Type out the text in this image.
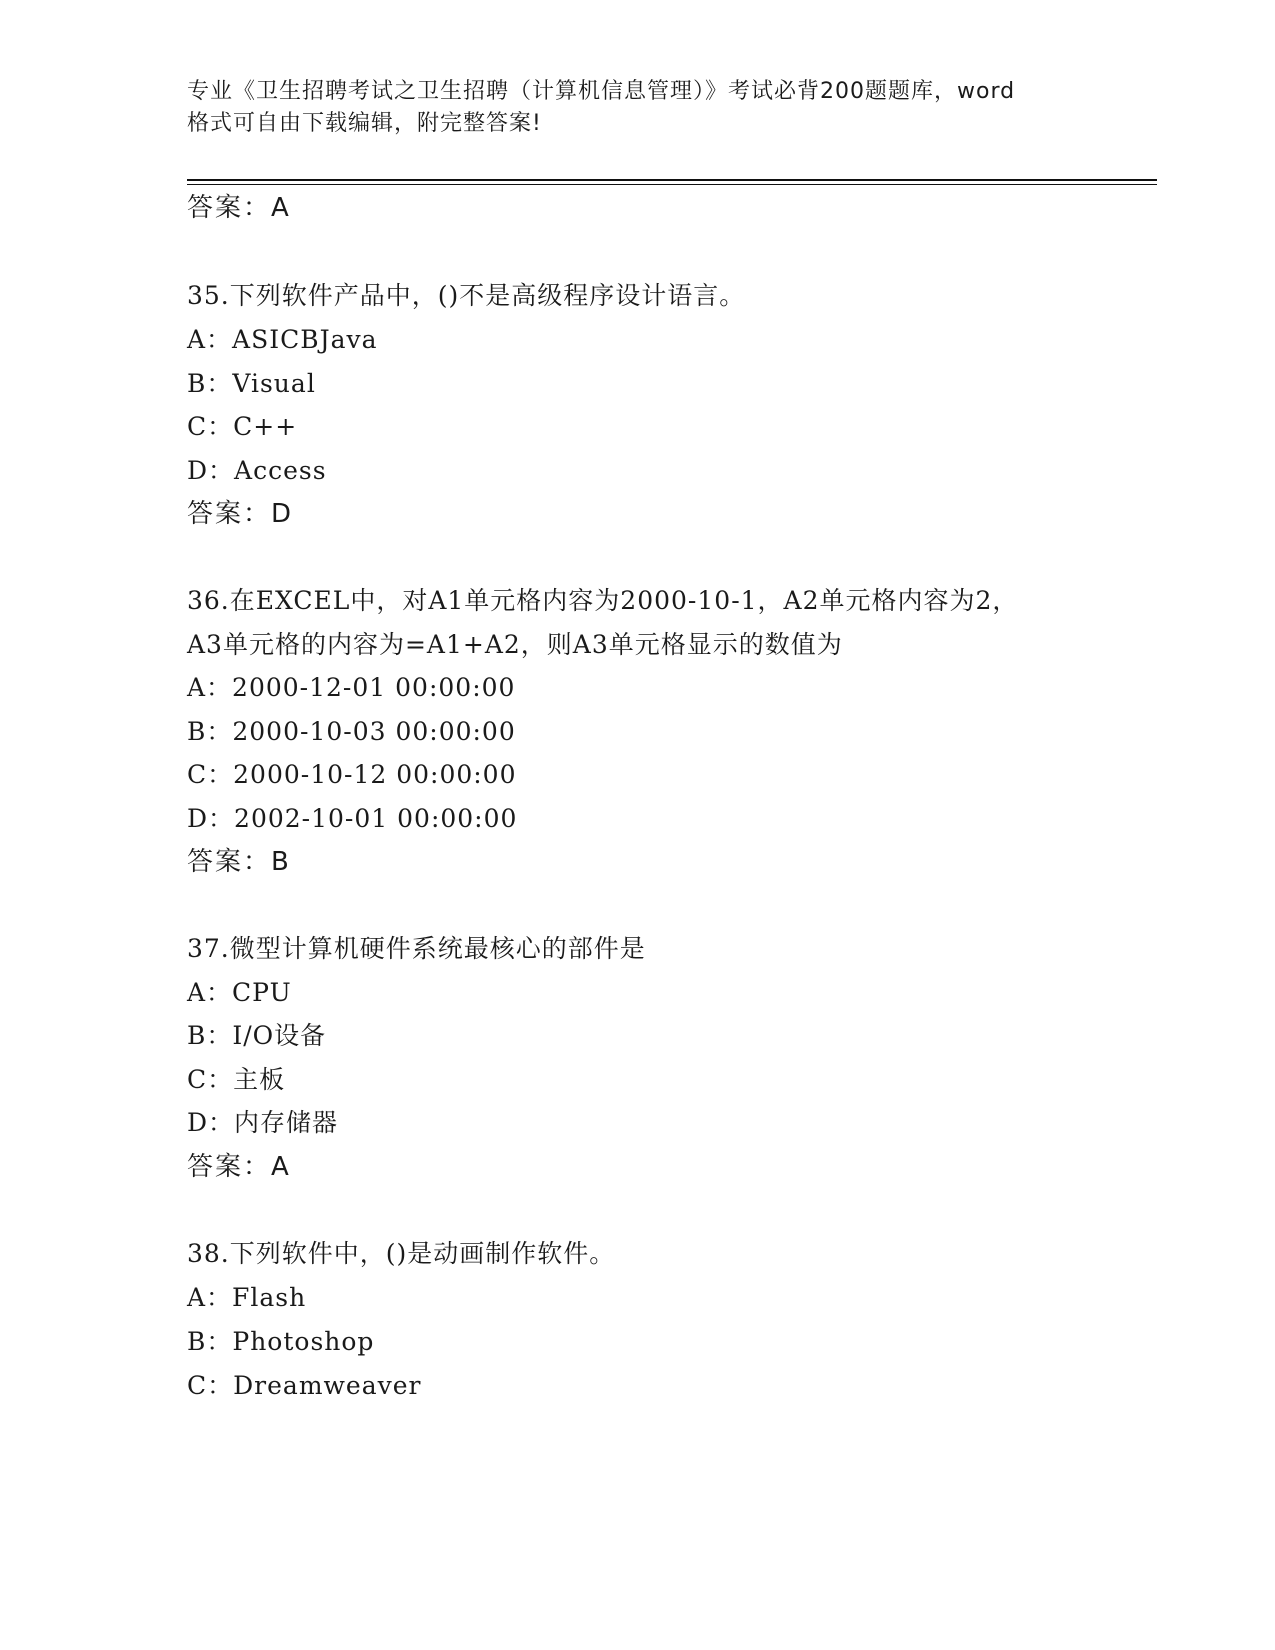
专业《卫生招聘考试之卫生招聘（计算机信息管理）》考试必背200题题库，word
格式可自由下载编辑，附完整答案!
答案：A
35.下列软件产品中，()不是高级程序设计语言。
A：ASICBJava
B：Visual
C：C++
D：Access
答案：D
36.在EXCEL中，对A1单元格内容为2000-10-1，A2单元格内容为2，
A3单元格的内容为=A1+A2，则A3单元格显示的数值为
A：2000-12-01 00:00:00
B：2000-10-03 00:00:00
C：2000-10-12 00:00:00
D：2002-10-01 00:00:00
答案：B
37.微型计算机硬件系统最核心的部件是
A：CPU
B：I/O设备
C：主板
D：内存储器
答案：A
38.下列软件中，()是动画制作软件。
A：Flash
B：Photoshop
C：Dreamweaver
